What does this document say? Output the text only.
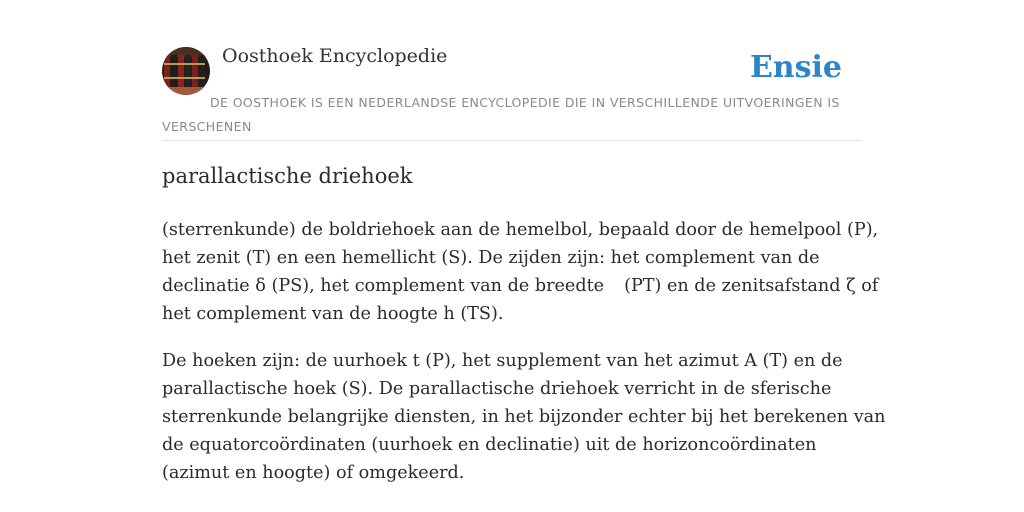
Oosthoek Encyclopedie	Ensie
DE OOSTHOEK IS EEN NEDERLANDSE ENCYCLOPEDIE DIE IN VERSCHILLENDE UITVOERINGEN IS VERSCHENEN
parallactische driehoek

(sterrenkunde) de boldriehoek aan de hemelbol, bepaald door de hemelpool (P),
het zenit (T) en een hemellicht (S). De zijden zijn: het complement van de
declinatie δ (PS), het complement van de breedte (PT) en de zenitsafstand ζ of
het complement van de hoogte h (TS).

De hoeken zijn: de uurhoek t (P), het supplement van het azimut A (T) en de
parallactische hoek (S). De parallactische driehoek verricht in de sferische
sterrenkunde belangrijke diensten, in het bijzonder echter bij het berekenen van
de equatorcoördinaten (uurhoek en declinatie) uit de horizoncoördinaten
(azimut en hoogte) of omgekeerd.
